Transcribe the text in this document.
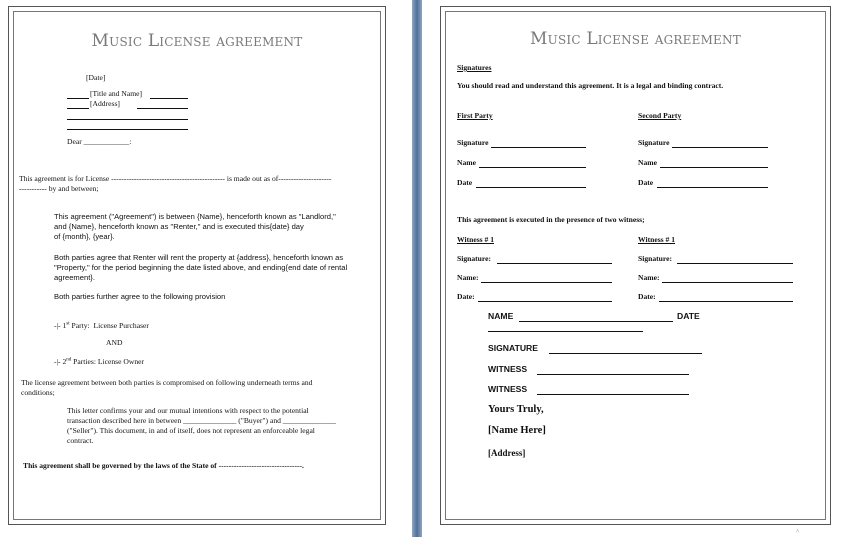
Music License agreement
[Date]
[Title and Name]
[Address]
Dear ____________:
This agreement is for License --------------------------------------------- is made out as of---------------------
----------- by and between;
This agreement ("Agreement") is between {Name}, henceforth known as "Landlord,"
and {Name}, henceforth known as "Renter," and is executed this{date} day
of {month}, {year}.
Both parties agree that Renter will rent the property at {address}, henceforth known as
"Property," for the period beginning the date listed above, and ending{end date of rental
agreement}.
Both parties further agree to the following provision
-|- 1st Party: License Purchaser
AND
-|- 2nd Parties: License Owner
The license agreement between both parties is compromised on following underneath terms and
conditions;
This letter confirms your and our mutual intentions with respect to the potential
transaction described here in between ______________ ("Buyer") and ______________
("Seller"). This document, in and of itself, does not represent an enforceable legal
contract.
This agreement shall be governed by the laws of the State of ---------------------------------.
Music License agreement
Signatures
You should read and understand this agreement. It is a legal and binding contract.
First Party	Second Party
Signature	Signature
Name	Name
Date	Date
This agreement is executed in the presence of two witness;
Witness # 1	Witness # 1
Signature:	Signature:
Name:	Name:
Date:	Date:
NAME	DATE
SIGNATURE
WITNESS
WITNESS
Yours Truly,
[Name Here]
[Address]
^
